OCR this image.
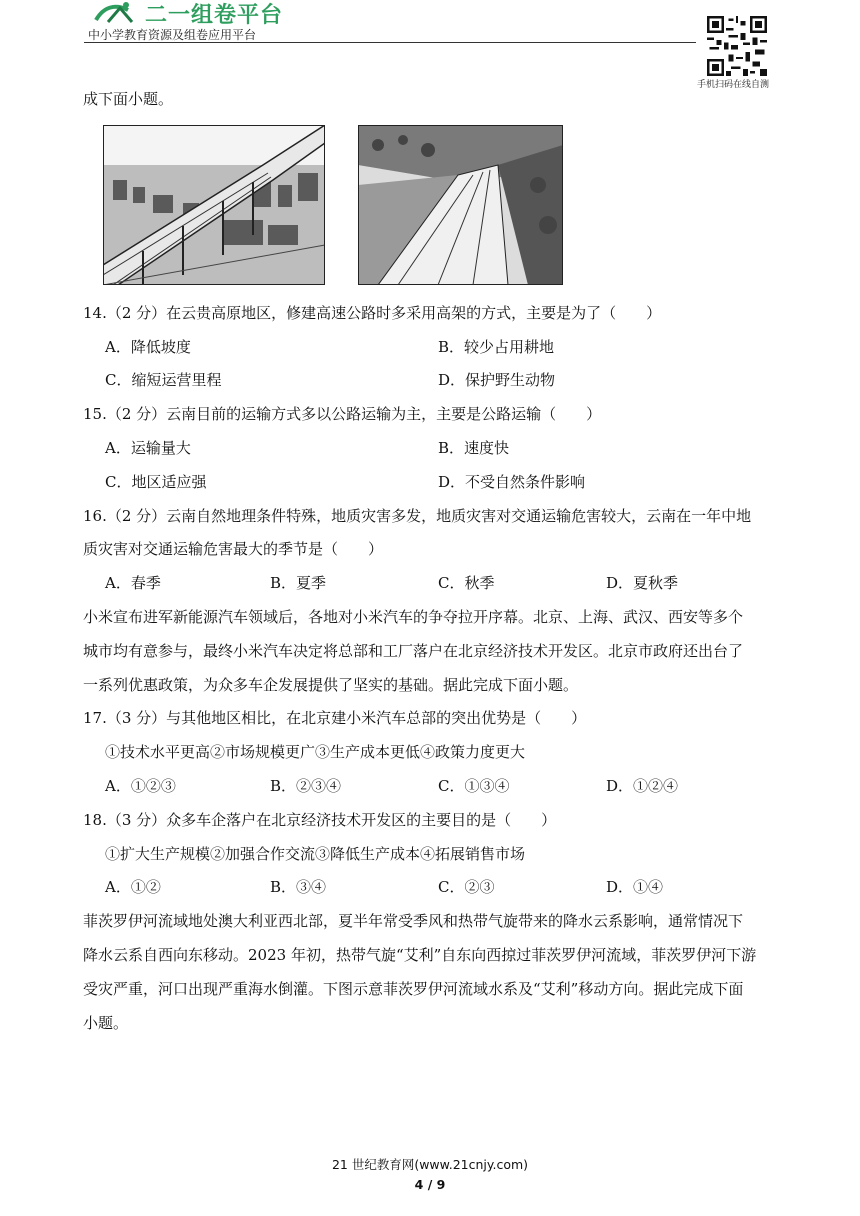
二一组卷平台
中小学教育资源及组卷应用平台
手机扫码在线自测
成下面小题。
14.（2 分）在云贵高原地区，修建高速公路时多采用高架的方式，主要是为了（　　）
A．降低坡度	B．较少占用耕地
C．缩短运营里程	D．保护野生动物
15.（2 分）云南目前的运输方式多以公路运输为主，主要是公路运输（　　）
A．运输量大	B．速度快
C．地区适应强	D．不受自然条件影响
16.（2 分）云南自然地理条件特殊，地质灾害多发，地质灾害对交通运输危害较大，云南在一年中地
质灾害对交通运输危害最大的季节是（　　）
A．春季	B．夏季	C．秋季	D．夏秋季
小米宣布进军新能源汽车领域后，各地对小米汽车的争夺拉开序幕。北京、上海、武汉、西安等多个
城市均有意参与，最终小米汽车决定将总部和工厂落户在北京经济技术开发区。北京市政府还出台了
一系列优惠政策，为众多车企发展提供了坚实的基础。据此完成下面小题。
17.（3 分）与其他地区相比，在北京建小米汽车总部的突出优势是（　　）
①技术水平更高②市场规模更广③生产成本更低④政策力度更大
A．①②③	B．②③④	C．①③④	D．①②④
18.（3 分）众多车企落户在北京经济技术开发区的主要目的是（　　）
①扩大生产规模②加强合作交流③降低生产成本④拓展销售市场
A．①②	B．③④	C．②③	D．①④
菲茨罗伊河流域地处澳大利亚西北部，夏半年常受季风和热带气旋带来的降水云系影响，通常情况下
降水云系自西向东移动。2023 年初，热带气旋“艾利”自东向西掠过菲茨罗伊河流域，菲茨罗伊河下游
受灾严重，河口出现严重海水倒灌。下图示意菲茨罗伊河流域水系及“艾利”移动方向。据此完成下面
小题。
21 世纪教育网(www.21cnjy.com)
4 / 9
